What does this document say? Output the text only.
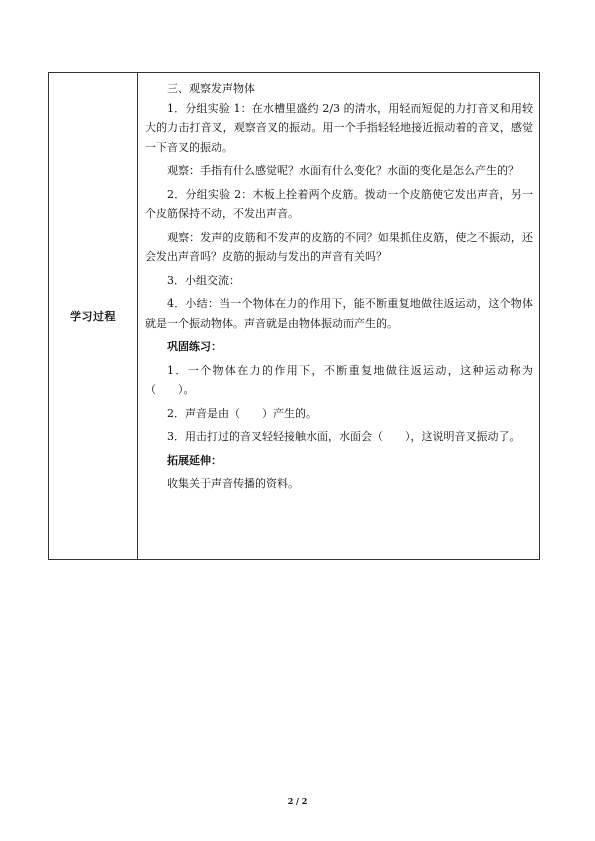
学习过程

三、观察发声物体

1．分组实验 1：在水槽里盛约 2/3 的清水，用轻而短促的力打音叉和用较大的力击打音叉，观察音叉的振动。用一个手指轻轻地接近振动着的音叉，感觉一下音叉的振动。

观察：手指有什么感觉呢？水面有什么变化？水面的变化是怎么产生的？

2．分组实验 2：木板上拴着两个皮筋。拨动一个皮筋使它发出声音，另一个皮筋保持不动，不发出声音。

观察：发声的皮筋和不发声的皮筋的不同？如果抓住皮筋，使之不振动，还会发出声音吗？皮筋的振动与发出的声音有关吗？

3．小组交流：

4．小结：当一个物体在力的作用下，能不断重复地做往返运动，这个物体就是一个振动物体。声音就是由物体振动而产生的。

巩固练习：

1．一个物体在力的作用下，不断重复地做往返运动，这种运动称为（　　）。

2．声音是由（　　）产生的。

3．用击打过的音叉轻轻接触水面，水面会（　　），这说明音叉振动了。

拓展延伸：

收集关于声音传播的资料。

2 / 2
